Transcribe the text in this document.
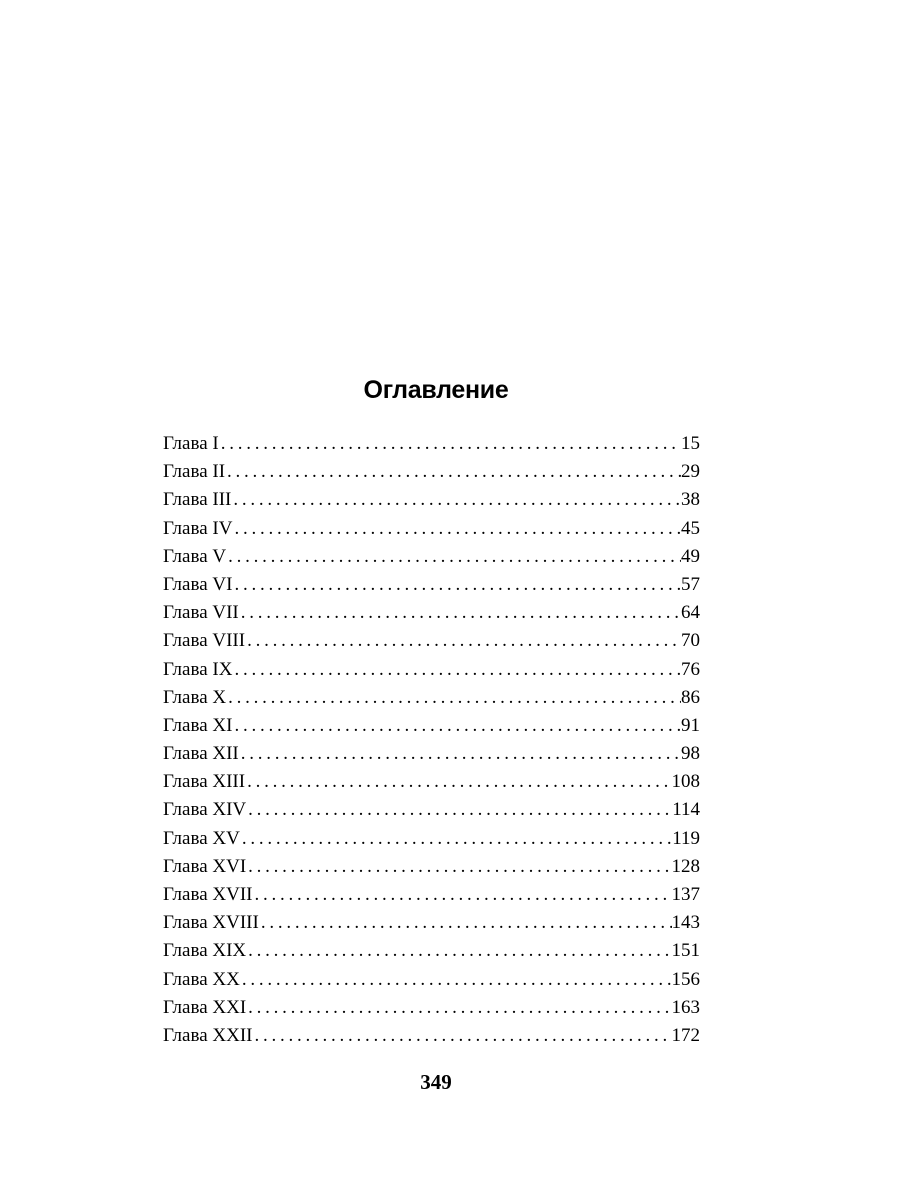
Оглавление
Глава I . . .	15
Глава II . . .	29
Глава III . . .	38
Глава IV . . .	45
Глава V . . .	49
Глава VI . . .	57
Глава VII . . .	64
Глава VIII . . .	70
Глава IX . . .	76
Глава X . . .	86
Глава XI . . .	91
Глава XII . . .	98
Глава XIII . . .	108
Глава XIV . . .	114
Глава XV . . .	119
Глава XVI . . .	128
Глава XVII . . .	137
Глава XVIII . . .	143
Глава XIX . . .	151
Глава XX . . .	156
Глава XXI . . .	163
Глава XXII . . .	172
349
